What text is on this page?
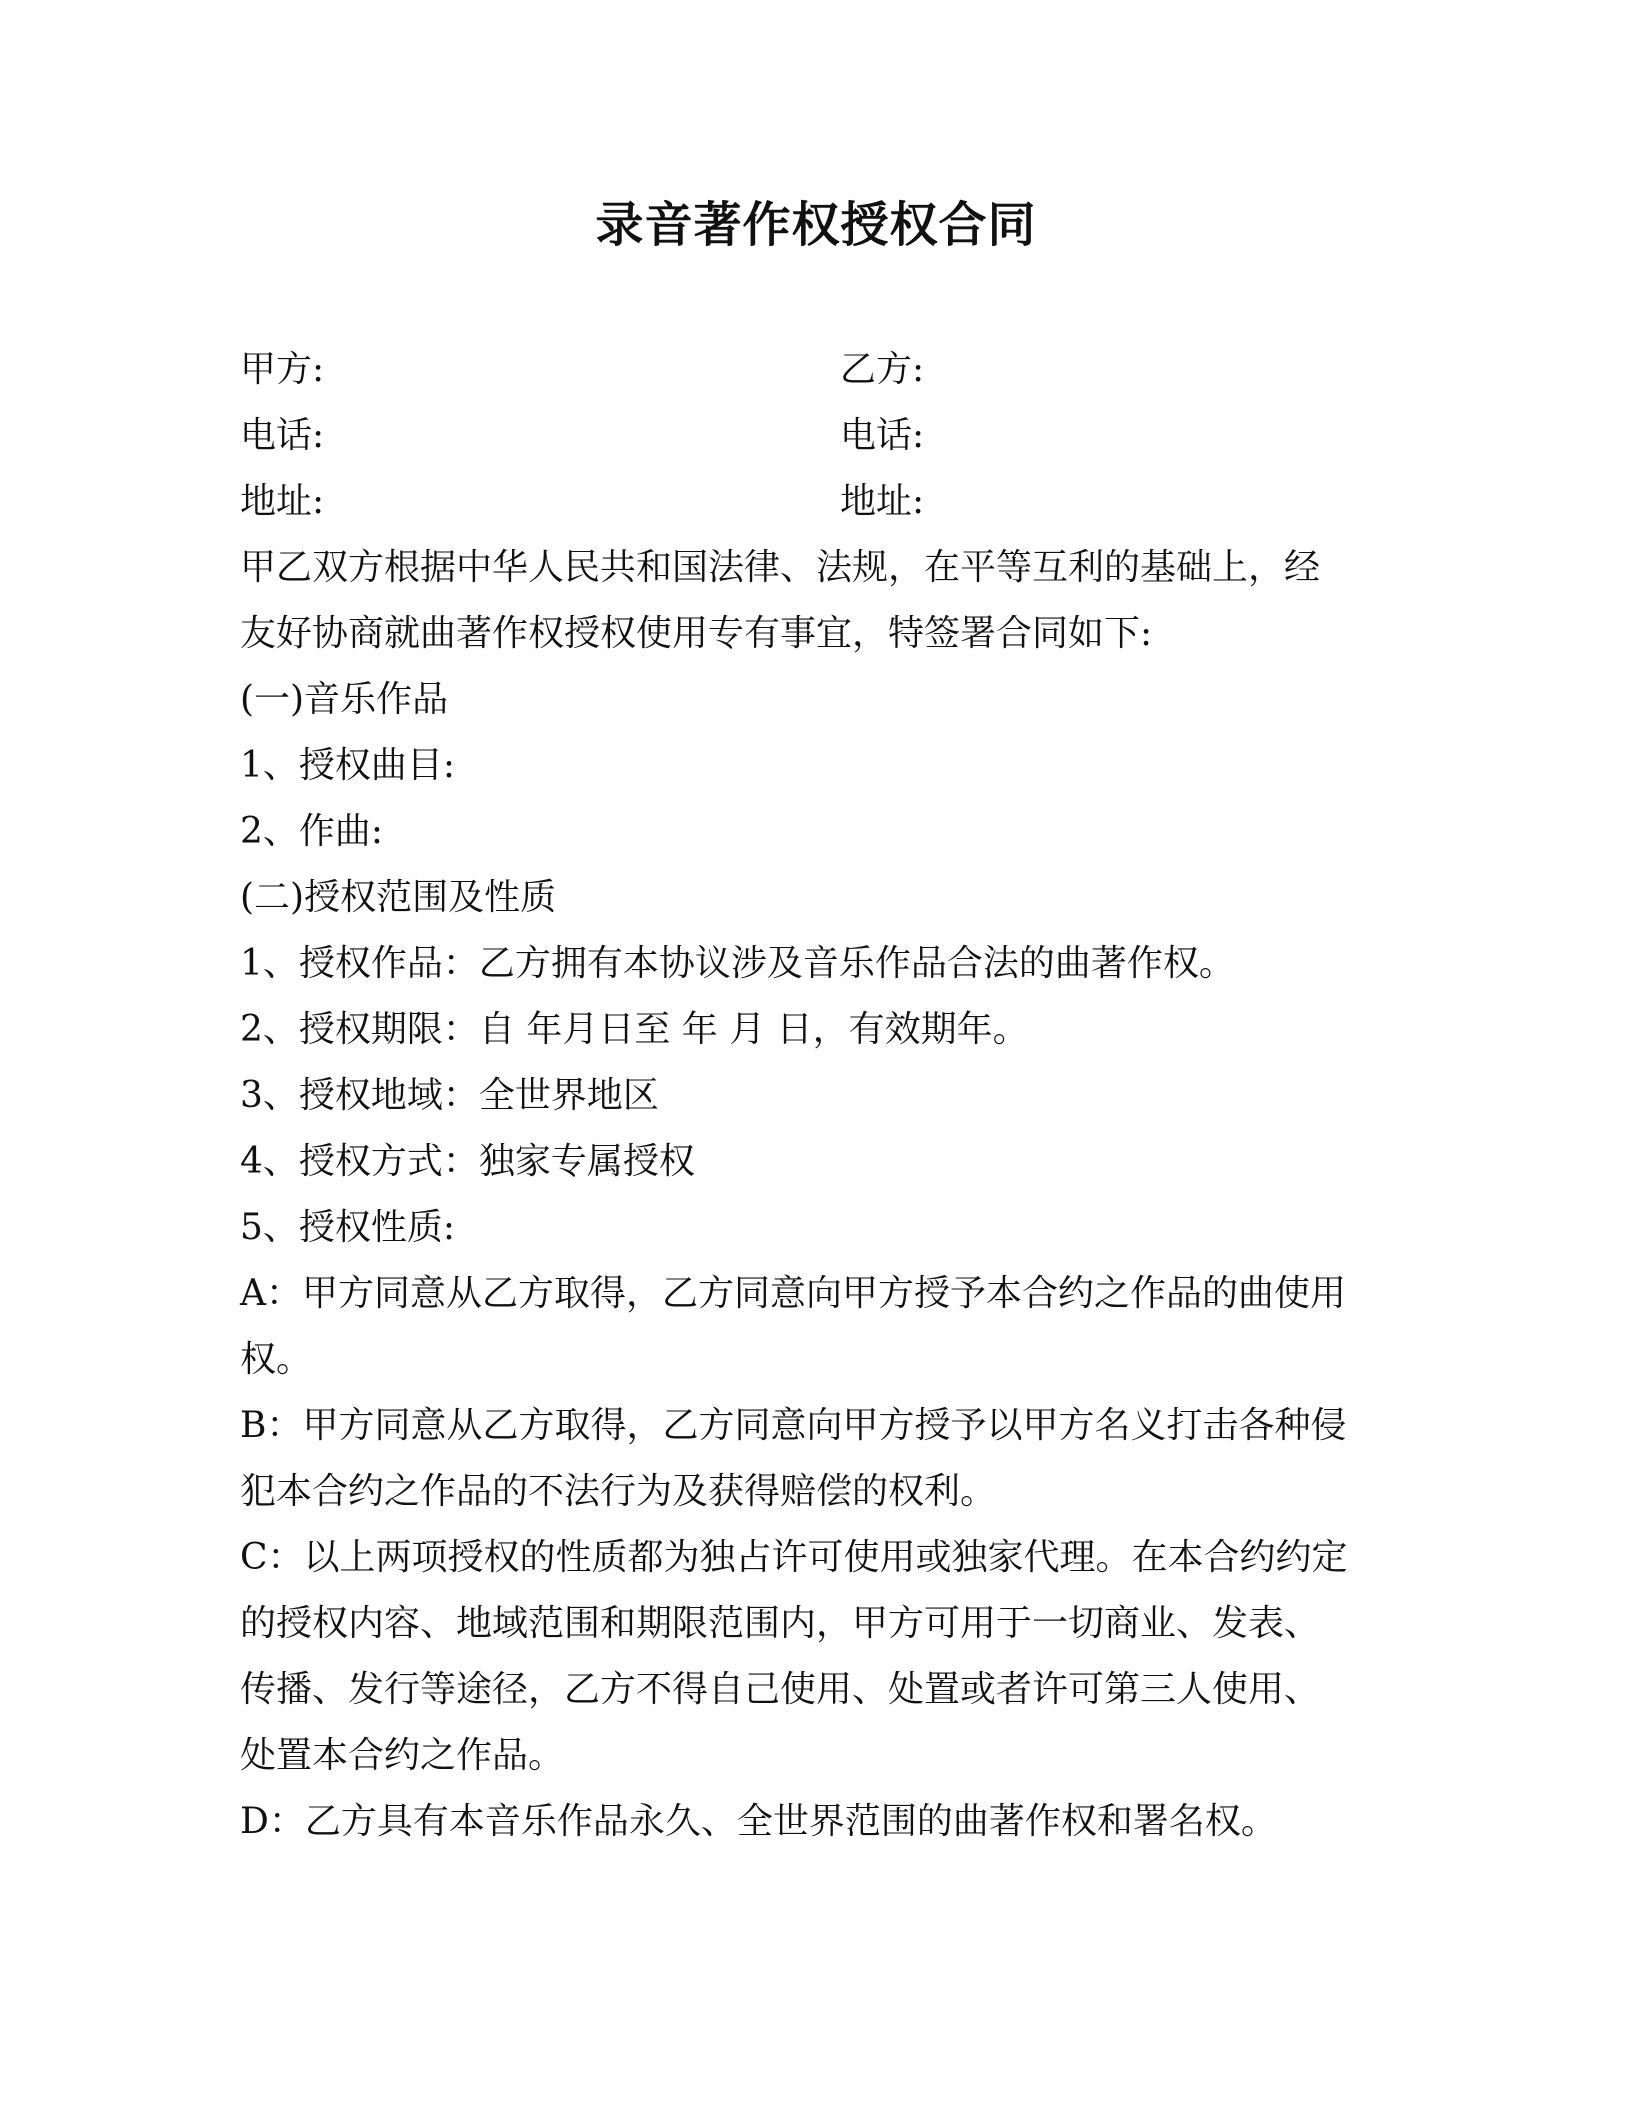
录音著作权授权合同
甲方:	乙方:
电话:	电话:
地址:	地址:
甲乙双方根据中华人民共和国法律、法规，在平等互利的基础上，经
友好协商就曲著作权授权使用专有事宜，特签署合同如下:
(一)音乐作品
1、授权曲目:
2、作曲:
(二)授权范围及性质
1、授权作品：乙方拥有本协议涉及音乐作品合法的曲著作权。
2、授权期限：自 年月日至 年 月 日，有效期年。
3、授权地域：全世界地区
4、授权方式：独家专属授权
5、授权性质:
A：甲方同意从乙方取得，乙方同意向甲方授予本合约之作品的曲使用
权。
B：甲方同意从乙方取得，乙方同意向甲方授予以甲方名义打击各种侵
犯本合约之作品的不法行为及获得赔偿的权利。
C：以上两项授权的性质都为独占许可使用或独家代理。在本合约约定
的授权内容、地域范围和期限范围内，甲方可用于一切商业、发表、
传播、发行等途径，乙方不得自己使用、处置或者许可第三人使用、
处置本合约之作品。
D：乙方具有本音乐作品永久、全世界范围的曲著作权和署名权。
